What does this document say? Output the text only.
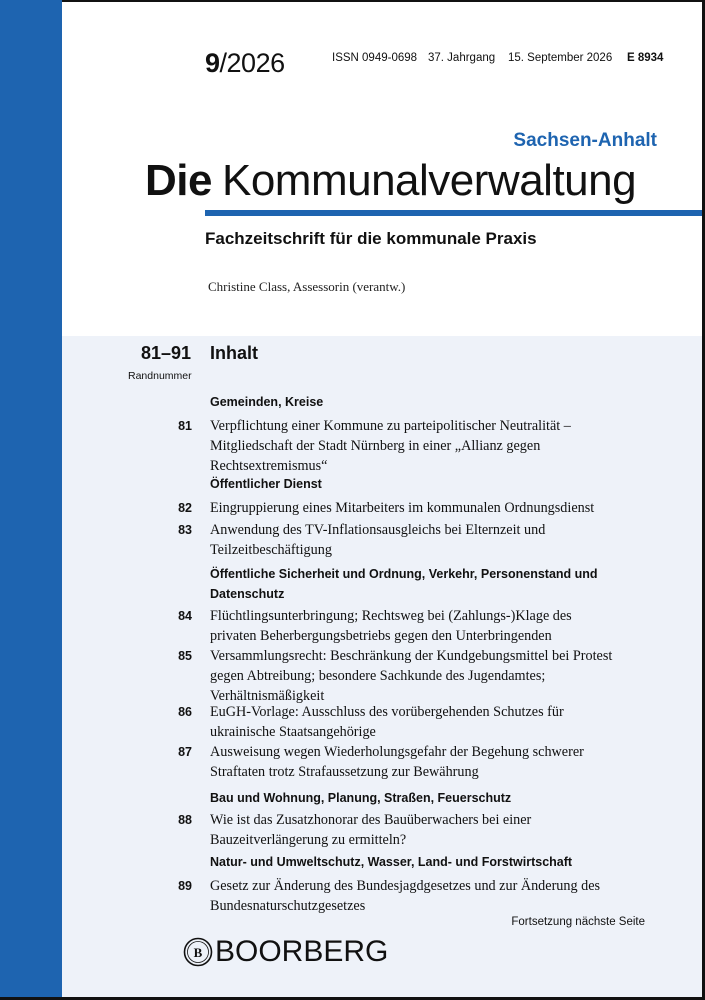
9/2026	ISSN 0949-0698 37. Jahrgang 15. September 2026 E 8934
Sachsen-Anhalt
Die Kommunalverwaltung
Fachzeitschrift für die kommunale Praxis
Christine Class, Assessorin (verantw.)
81–91
Randnummer
Inhalt
Gemeinden, Kreise
81 Verpflichtung einer Kommune zu parteipolitischer Neutralität – Mitgliedschaft der Stadt Nürnberg in einer „Allianz gegen Rechtsextremismus“
Öffentlicher Dienst
82 Eingruppierung eines Mitarbeiters im kommunalen Ordnungsdienst
83 Anwendung des TV-Inflationsausgleichs bei Elternzeit und Teilzeitbeschäftigung
Öffentliche Sicherheit und Ordnung, Verkehr, Personenstand und Datenschutz
84 Flüchtlingsunterbringung; Rechtsweg bei (Zahlungs-)Klage des privaten Beherbergungsbetriebs gegen den Unterbringenden
85 Versammlungsrecht: Beschränkung der Kundgebungsmittel bei Protest gegen Abtreibung; besondere Sachkunde des Jugendamtes; Verhältnismäßigkeit
86 EuGH-Vorlage: Ausschluss des vorübergehenden Schutzes für ukrainische Staatsangehörige
87 Ausweisung wegen Wiederholungsgefahr der Begehung schwerer Straftaten trotz Strafaussetzung zur Bewährung
Bau und Wohnung, Planung, Straßen, Feuerschutz
88 Wie ist das Zusatzhonorar des Bauüberwachers bei einer Bauzeitverlängerung zu ermitteln?
Natur- und Umweltschutz, Wasser, Land- und Forstwirtschaft
89 Gesetz zur Änderung des Bundesjagdgesetzes und zur Änderung des Bundesnaturschutzgesetzes
Fortsetzung nächste Seite
B BOORBERG
